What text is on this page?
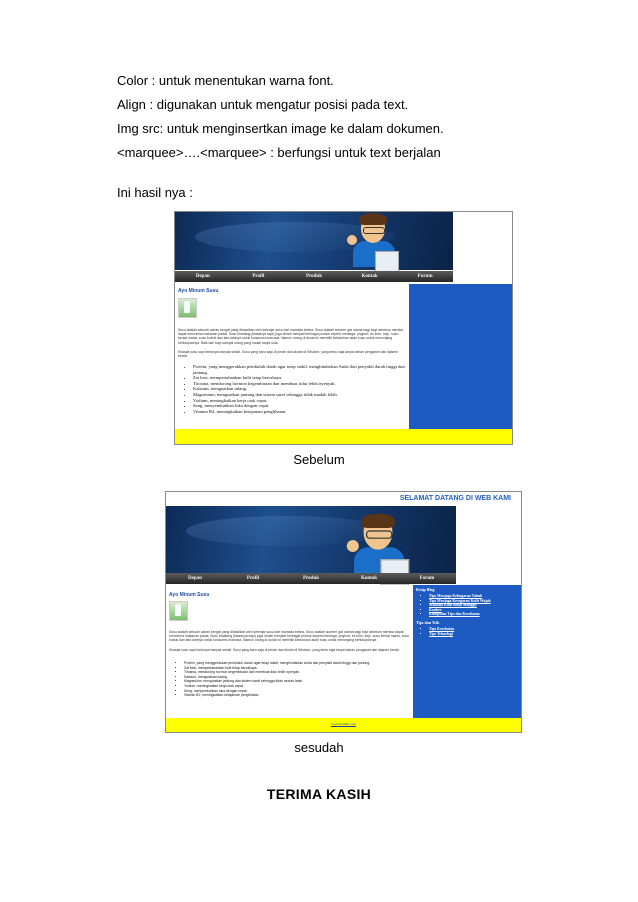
Color : untuk menentukan warna font.
Align : digunakan untuk mengatur posisi pada text.
Img src: untuk menginsertkan image ke dalam dokumen.
<marquee>….<marquee> : berfungsi untuk text berjalan
Ini hasil nya :
Depan	Profil	Produk	Kontak	Forum
Ayo Minum Susu
Susu adalah sebuah cairan bergizi yang dihasilkan oleh kelenjar susu dari mamalia betina. Susu adalah sumber gizi utama bagi bayi sebelum mereka dapat mencerna makanan padat. Susu binatang (biasanya sapi) juga diolah menjadi berbagai produk seperti mentega, yoghurt, es krim, keju, susu kental manis, susu bubuk dan lain-lainnya untuk konsumsi manusia. Namun orang di dunia ini memiliki kebutuhan akan susu untuk menunjang kehidupannya. Baik dari bayi sampai orang yang sudah lanjut usia.
Khasiat susu sapi tentunya banyak sekali. Susu yang baru saja di perah dan diolah di Wisdom, yang tentu saja tanpa bahan pengawet dan dijamin bersih.
• Protein, yang menggerakkan pembuluh darah agar tetap stabil, menghindarkan Anda dari penyakit darah tinggi dan jantung.
• Zat besi, mempertahankan kulit tetap bercahaya.
• Tirosina, mendorong hormon kegembiraan dan membuat tidur lebih nyenyak.
• Kalsium, menguatkan tulang.
• Magnesium, menguatkan jantung dan sistem saraf sehingga tidak mudah lelah.
• Yodium, meningkatkan kerja otak cepat.
• Seng, menyembuhkan luka dengan cepat.
• Vitamin B2, meningkatkan ketajaman penglihatan.
Sebelum
SELAMAT DATANG DI WEB KAMI
Depan	Profil	Produk	Kontak	Forum
Ayo Minum Susu
Susu adalah sebuah cairan bergizi yang dihasilkan oleh kelenjar susu dari mamalia betina. Susu adalah sumber gizi utama bagi bayi sebelum mereka dapat mencerna makanan padat. Susu binatang (biasanya sapi) juga diolah menjadi berbagai produk seperti mentega, yoghurt, es krim, keju, susu kental manis, susu bubuk dan lain-lainnya untuk konsumsi manusia. Namun orang di dunia ini memiliki kebutuhan akan susu untuk menunjang kehidupannya.
Khasiat susu sapi tentunya banyak sekali. Susu yang baru saja di perah dan diolah di Wisdom, yang tentu saja tanpa bahan pengawet dan dijamin bersih.
• Protein, yang menggerakkan pembuluh darah agar tetap stabil, menghindarkan Anda dari penyakit darah tinggi dan jantung.
• Zat besi, mempertahankan kulit tetap bercahaya.
• Tirosina, mendorong hormon kegembiraan dan membuat tidur lebih nyenyak.
• Kalsium, menguatkan tulang.
• Magnesium, menguatkan jantung dan sistem saraf sehingga tidak mudah lelah.
• Yodium, meningkatkan kerja otak cepat.
• Seng, menyembuhkan luka dengan cepat.
• Vitamin B2, meningkatkan ketajaman penglihatan.
Kesip Blog
▪ Tips Menjaga Kebugaran Tubuh
▪ Tips Menjaga Kesegaran Kulit Wajah
▪ Manfaat Kulit Buah Manggis
▪ Kanker
▪ Kumpulan Tips dan Kesehatan
Tips dan Trik
▪ Tips Kesehatan
▪ Tips Teknologi
www.freshku.com
sesudah
TERIMA KASIH
